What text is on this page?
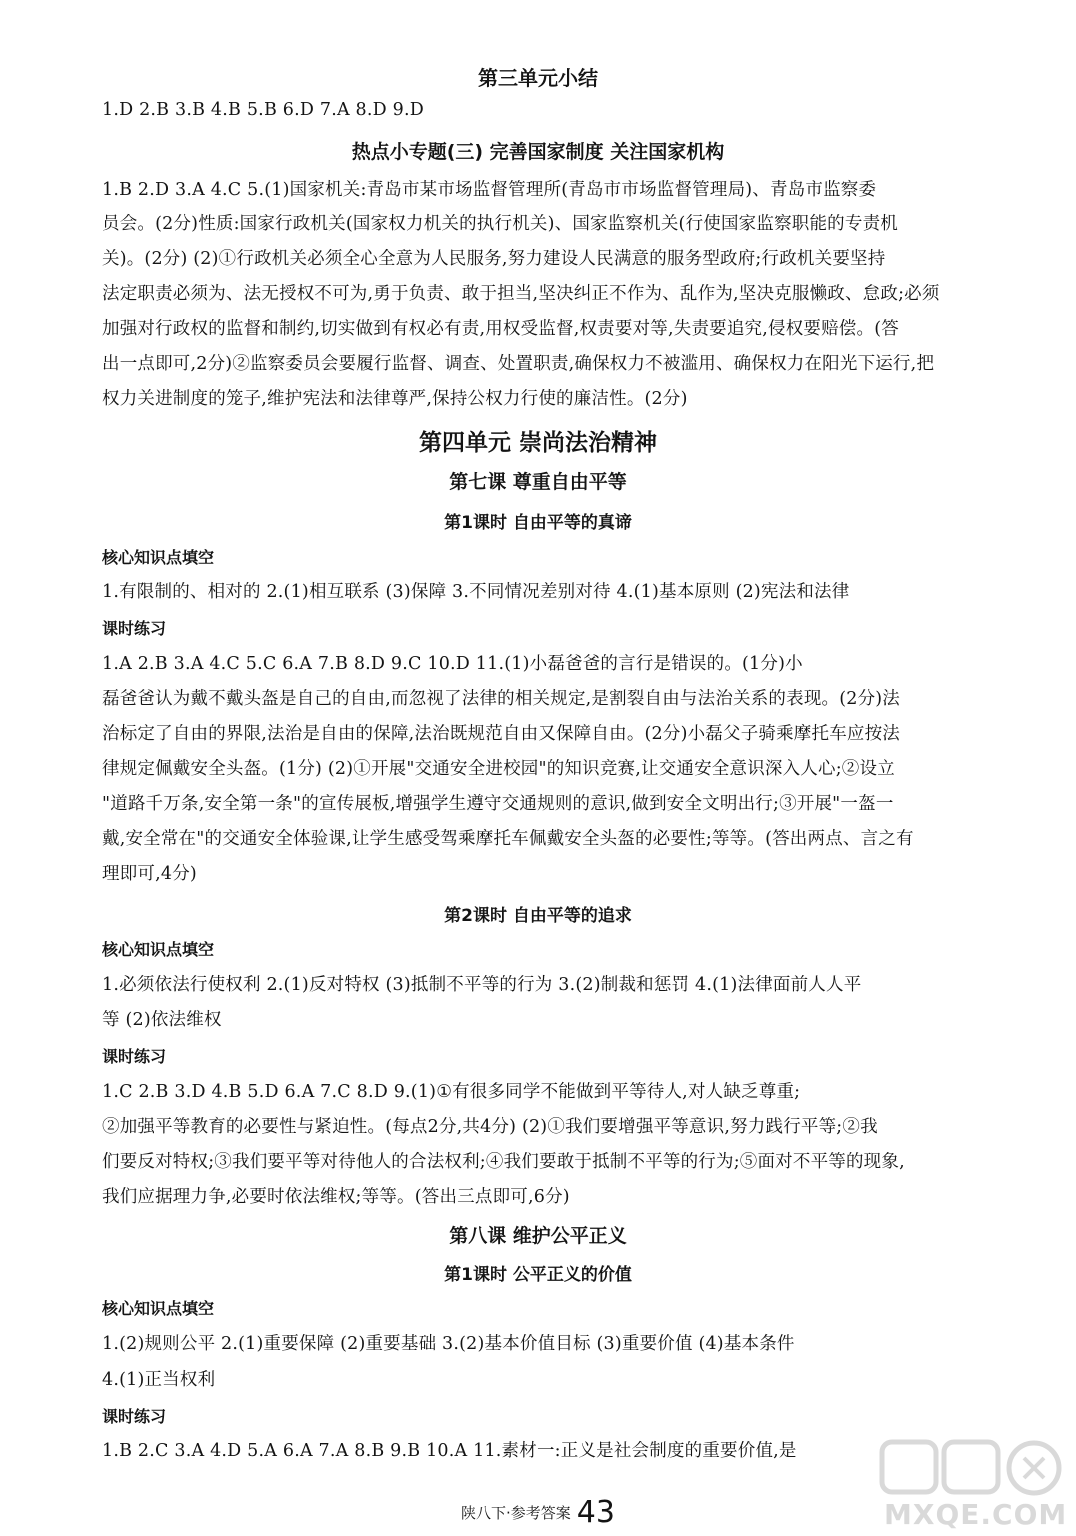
第三单元小结
1.D 2.B 3.B 4.B 5.B 6.D 7.A 8.D 9.D
热点小专题(三) 完善国家制度 关注国家机构
1.B 2.D 3.A 4.C 5.(1)国家机关:青岛市某市场监督管理所(青岛市市场监督管理局)、青岛市监察委
员会。(2分)性质:国家行政机关(国家权力机关的执行机关)、国家监察机关(行使国家监察职能的专责机
关)。(2分) (2)①行政机关必须全心全意为人民服务,努力建设人民满意的服务型政府;行政机关要坚持
法定职责必须为、法无授权不可为,勇于负责、敢于担当,坚决纠正不作为、乱作为,坚决克服懒政、怠政;必须
加强对行政权的监督和制约,切实做到有权必有责,用权受监督,权责要对等,失责要追究,侵权要赔偿。(答
出一点即可,2分)②监察委员会要履行监督、调查、处置职责,确保权力不被滥用、确保权力在阳光下运行,把
权力关进制度的笼子,维护宪法和法律尊严,保持公权力行使的廉洁性。(2分)
第四单元 崇尚法治精神
第七课 尊重自由平等
第1课时 自由平等的真谛
核心知识点填空
1.有限制的、相对的 2.(1)相互联系 (3)保障 3.不同情况差别对待 4.(1)基本原则 (2)宪法和法律
课时练习
1.A 2.B 3.A 4.C 5.C 6.A 7.B 8.D 9.C 10.D 11.(1)小磊爸爸的言行是错误的。(1分)小
磊爸爸认为戴不戴头盔是自己的自由,而忽视了法律的相关规定,是割裂自由与法治关系的表现。(2分)法
治标定了自由的界限,法治是自由的保障,法治既规范自由又保障自由。(2分)小磊父子骑乘摩托车应按法
律规定佩戴安全头盔。(1分) (2)①开展"交通安全进校园"的知识竞赛,让交通安全意识深入人心;②设立
"道路千万条,安全第一条"的宣传展板,增强学生遵守交通规则的意识,做到安全文明出行;③开展"一盔一
戴,安全常在"的交通安全体验课,让学生感受驾乘摩托车佩戴安全头盔的必要性;等等。(答出两点、言之有
理即可,4分)
第2课时 自由平等的追求
核心知识点填空
1.必须依法行使权利 2.(1)反对特权 (3)抵制不平等的行为 3.(2)制裁和惩罚 4.(1)法律面前人人平
等 (2)依法维权
课时练习
1.C 2.B 3.D 4.B 5.D 6.A 7.C 8.D 9.(1)①有很多同学不能做到平等待人,对人缺乏尊重;
②加强平等教育的必要性与紧迫性。(每点2分,共4分) (2)①我们要增强平等意识,努力践行平等;②我
们要反对特权;③我们要平等对待他人的合法权利;④我们要敢于抵制不平等的行为;⑤面对不平等的现象,
我们应据理力争,必要时依法维权;等等。(答出三点即可,6分)
第八课 维护公平正义
第1课时 公平正义的价值
核心知识点填空
1.(2)规则公平 2.(1)重要保障 (2)重要基础 3.(2)基本价值目标 (3)重要价值 (4)基本条件
4.(1)正当权利
课时练习
1.B 2.C 3.A 4.D 5.A 6.A 7.A 8.B 9.B 10.A 11.素材一:正义是社会制度的重要价值,是
陕八下·参考答案 43	MXQE.COM
